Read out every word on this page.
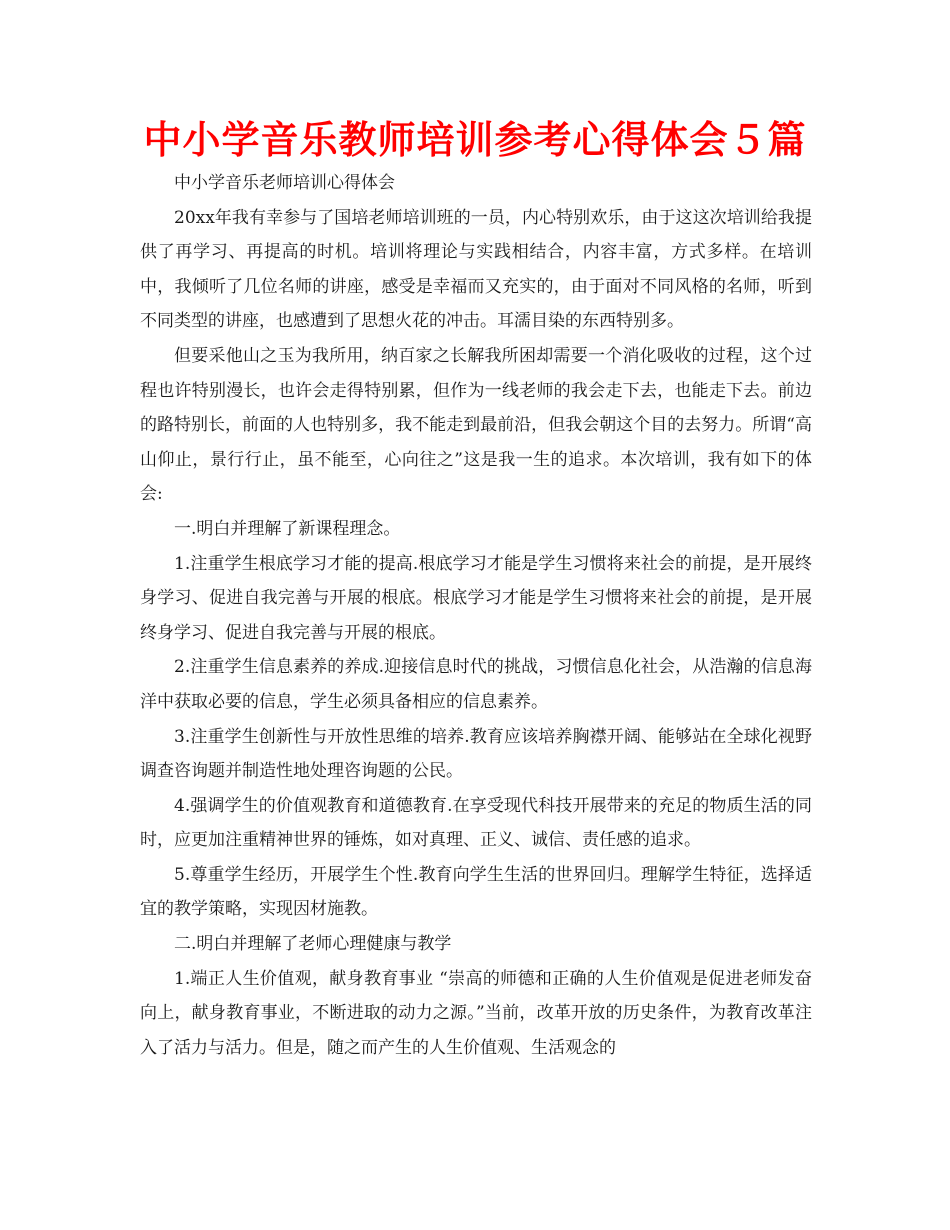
中小学音乐教师培训参考心得体会５篇

中小学音乐老师培训心得体会

20xx年我有幸参与了国培老师培训班的一员，内心特别欢乐，由于这这次培训给我提供了再学习、再提高的时机。培训将理论与实践相结合，内容丰富，方式多样。在培训中，我倾听了几位名师的讲座，感受是幸福而又充实的，由于面对不同风格的名师，听到不同类型的讲座，也感遭到了思想火花的冲击。耳濡目染的东西特别多。

但要采他山之玉为我所用，纳百家之长解我所困却需要一个消化吸收的过程，这个过程也许特别漫长，也许会走得特别累，但作为一线老师的我会走下去，也能走下去。前边的路特别长，前面的人也特别多，我不能走到最前沿，但我会朝这个目的去努力。所谓“高山仰止，景行行止，虽不能至，心向往之”这是我一生的追求。本次培训，我有如下的体会:

一.明白并理解了新课程理念。

1.注重学生根底学习才能的提高.根底学习才能是学生习惯将来社会的前提，是开展终身学习、促进自我完善与开展的根底。根底学习才能是学生习惯将来社会的前提，是开展终身学习、促进自我完善与开展的根底。

2.注重学生信息素养的养成.迎接信息时代的挑战，习惯信息化社会，从浩瀚的信息海洋中获取必要的信息，学生必须具备相应的信息素养。

3.注重学生创新性与开放性思维的培养.教育应该培养胸襟开阔、能够站在全球化视野调查咨询题并制造性地处理咨询题的公民。

4.强调学生的价值观教育和道德教育.在享受现代科技开展带来的充足的物质生活的同时，应更加注重精神世界的锤炼，如对真理、正义、诚信、责任感的追求。

5.尊重学生经历，开展学生个性.教育向学生生活的世界回归。理解学生特征，选择适宜的教学策略，实现因材施教。

二.明白并理解了老师心理健康与教学

1.端正人生价值观，献身教育事业 “崇高的师德和正确的人生价值观是促进老师发奋向上，献身教育事业，不断进取的动力之源。”当前，改革开放的历史条件，为教育改革注入了活力与活力。但是，随之而产生的人生价值观、生活观念的
